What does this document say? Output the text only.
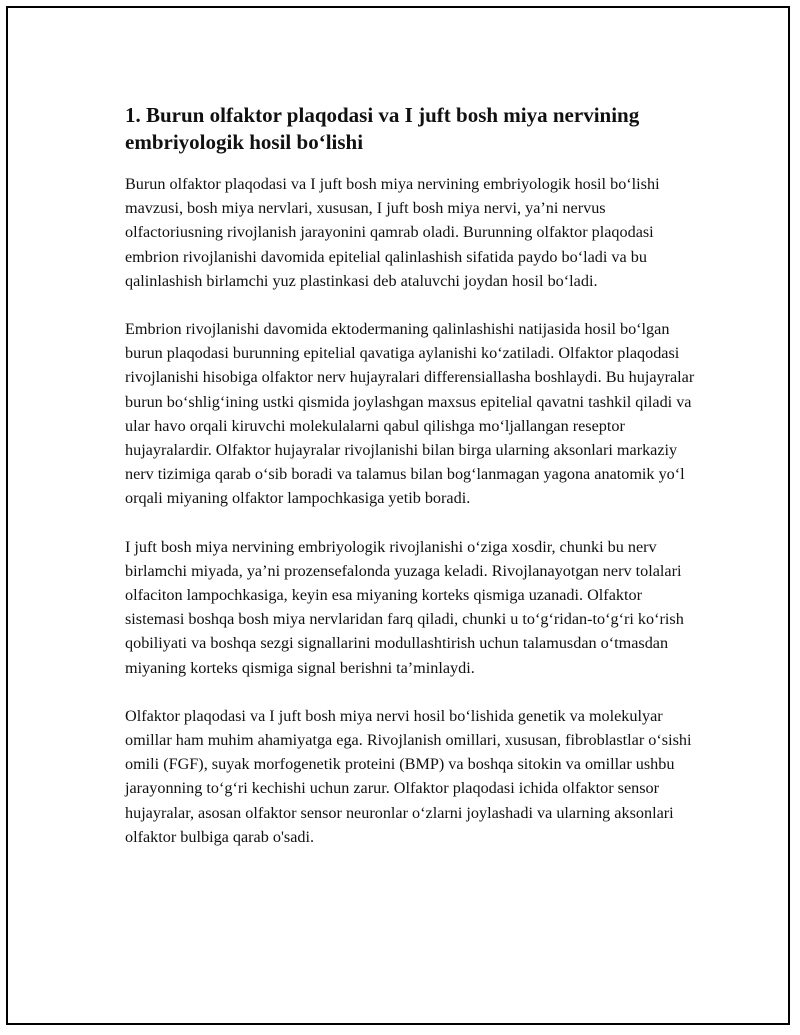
1. Burun olfaktor plaqodasi va I juft bosh miya nervining embriyologik hosil boʻlishi

Burun olfaktor plaqodasi va I juft bosh miya nervining embriyologik hosil boʻlishi mavzusi, bosh miya nervlari, xususan, I juft bosh miya nervi, yaʼni nervus olfactoriusning rivojlanish jarayonini qamrab oladi. Burunning olfaktor plaqodasi embrion rivojlanishi davomida epitelial qalinlashish sifatida paydo boʻladi va bu qalinlashish birlamchi yuz plastinkasi deb ataluvchi joydan hosil boʻladi.

Embrion rivojlanishi davomida ektodermaning qalinlashishi natijasida hosil boʻlgan burun plaqodasi burunning epitelial qavatiga aylanishi koʻzatiladi. Olfaktor plaqodasi rivojlanishi hisobiga olfaktor nerv hujayralari differensiallasha boshlaydi. Bu hujayralar burun boʻshligʻining ustki qismida joylashgan maxsus epitelial qavatni tashkil qiladi va ular havo orqali kiruvchi molekulalarni qabul qilishga moʻljallangan reseptor hujayralardir. Olfaktor hujayralar rivojlanishi bilan birga ularning aksonlari markaziy nerv tizimiga qarab oʻsib boradi va talamus bilan bogʻlanmagan yagona anatomik yoʻl orqali miyaning olfaktor lampochkasiga yetib boradi.

I juft bosh miya nervining embriyologik rivojlanishi oʻziga xosdir, chunki bu nerv birlamchi miyada, yaʼni prozensefalonda yuzaga keladi. Rivojlanayotgan nerv tolalari olfaciton lampochkasiga, keyin esa miyaning korteks qismiga uzanadi. Olfaktor sistemasi boshqa bosh miya nervlaridan farq qiladi, chunki u toʻgʻridan-toʻgʻri koʻrish qobiliyati va boshqa sezgi signallarini modullashtirish uchun talamusdan oʻtmasdan miyaning korteks qismiga signal berishni taʼminlaydi.

Olfaktor plaqodasi va I juft bosh miya nervi hosil boʻlishida genetik va molekulyar omillar ham muhim ahamiyatga ega. Rivojlanish omillari, xususan, fibroblastlar oʻsishi omili (FGF), suyak morfogenetik proteini (BMP) va boshqa sitokin va omillar ushbu jarayonning toʻgʻri kechishi uchun zarur. Olfaktor plaqodasi ichida olfaktor sensor hujayralar, asosan olfaktor sensor neuronlar oʻzlarni joylashadi va ularning aksonlari olfaktor bulbiga qarab o'sadi.
